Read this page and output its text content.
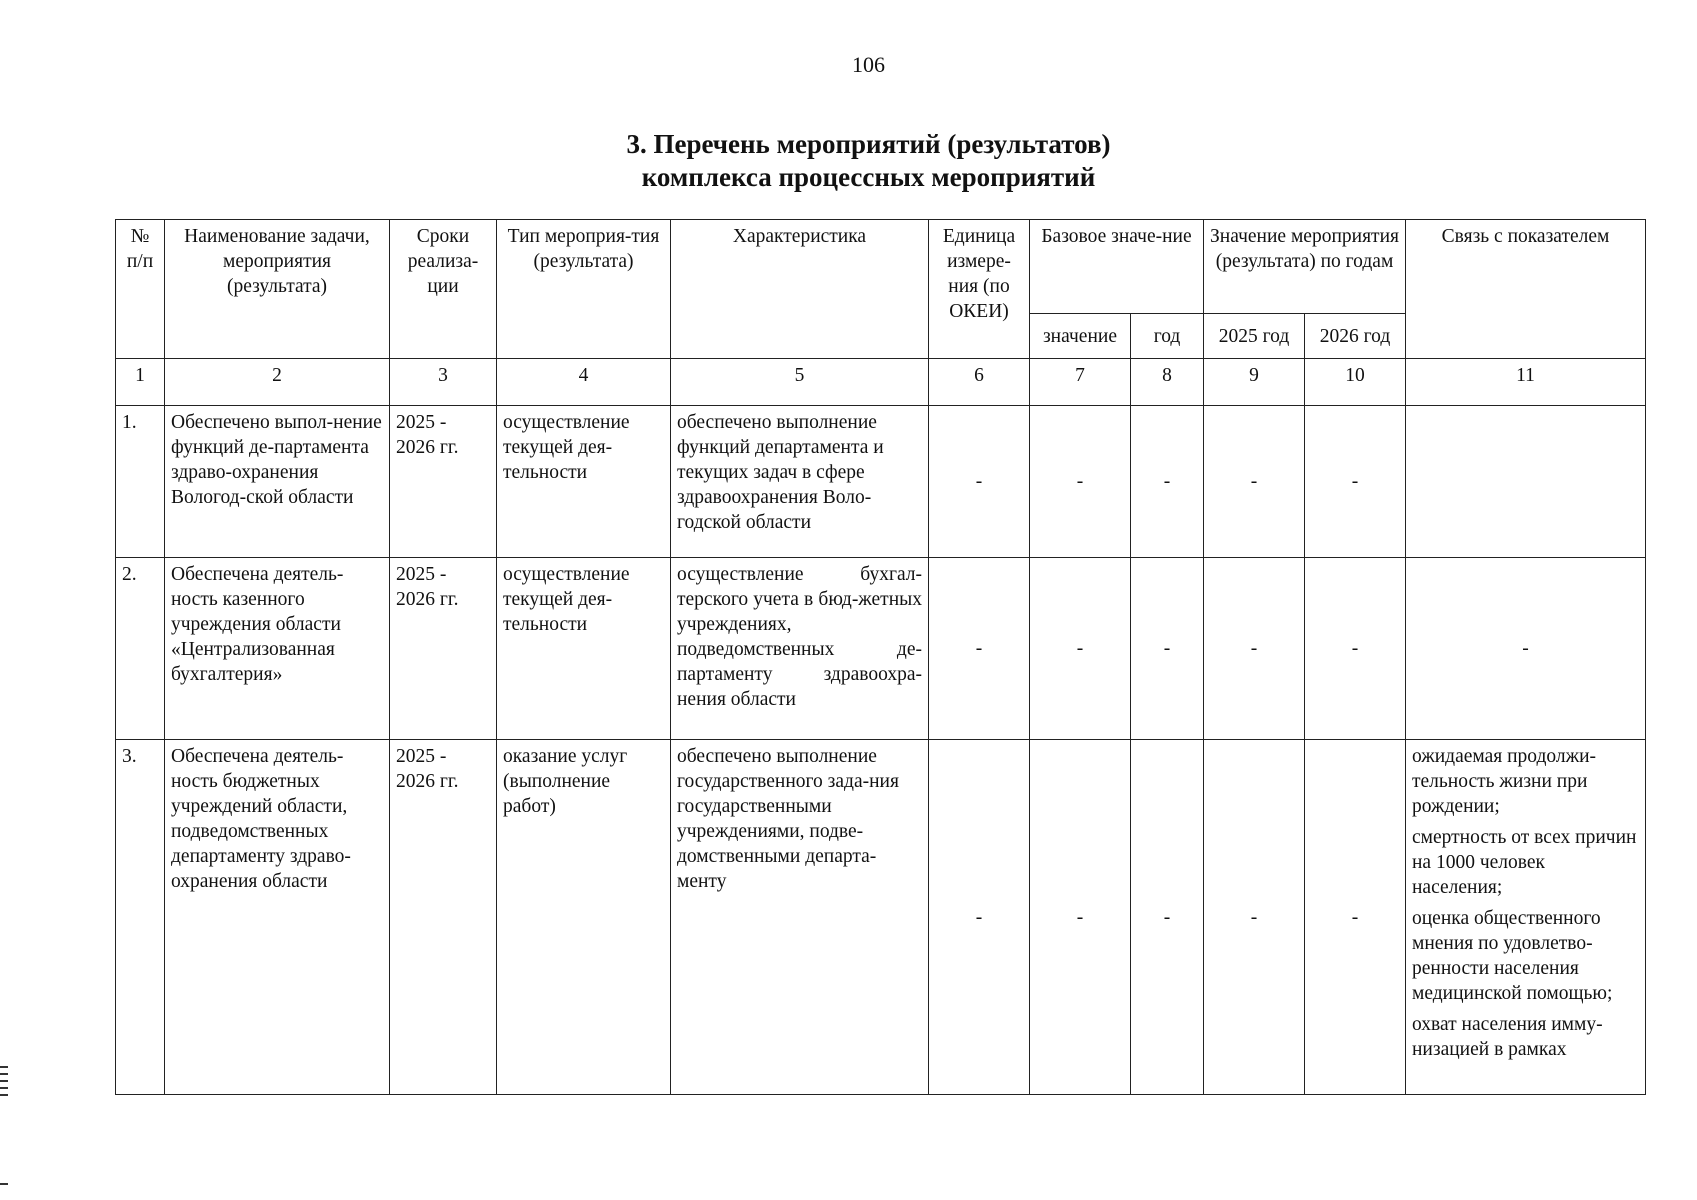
106
3. Перечень мероприятий (результатов)
комплекса процессных мероприятий
№ п/п	Наименование задачи, мероприятия (результата)	Сроки реализа-ции	Тип мероприя-тия (результата)	Характеристика	Единица измере-ния (по ОКЕИ)	Базовое значе-ние		Значение мероприятия (результата) по годам		Связь с показателем
						значение	год	2025 год	2026 год	
1	2	3	4	5	6	7	8	9	10	11
1.	Обеспечено выпол-нение функций де-партамента здраво-охранения Вологод-ской области	2025 - 2026 гг.	осуществление текущей дея-тельности	обеспечено выполнение функций департамента и текущих задач в сфере здравоохранения Воло-годской области	-	-	-	-	-	
2.	Обеспечена деятель-ность казенного учреждения области «Централизованная бухгалтерия»	2025 - 2026 гг.	осуществление текущей дея-тельности	осуществление бухгал-терского учета в бюд-жетных учреждениях, подведомственных де-партаменту здравоохра-нения области	-	-	-	-	-	-
3.	Обеспечена деятель-ность бюджетных учреждений области, подведомственных департаменту здраво-охранения области	2025 - 2026 гг.	оказание услуг (выполнение работ)	обеспечено выполнение государственного зада-ния государственными учреждениями, подве-домственными департа-менту	-	-	-	-	-	ожидаемая продолжи-тельность жизни при рождении;
смертность от всех причин на 1000 человек населения;
оценка общественного мнения по удовлетво-ренности населения медицинской помощью;
охват населения имму-низацией в рамках
